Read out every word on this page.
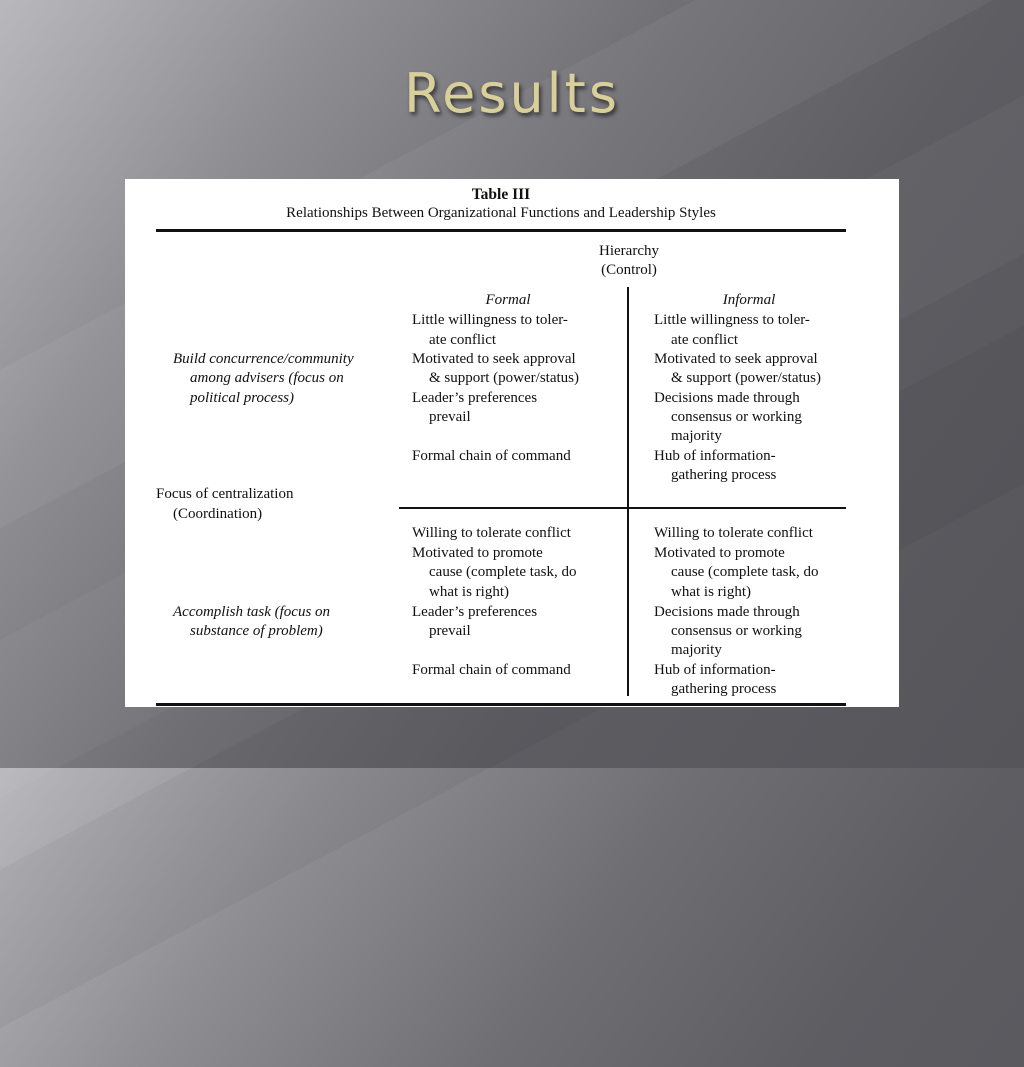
Results
Table III
Relationships Between Organizational Functions and Leadership Styles
Hierarchy
(Control)
Formal	Informal
Focus of centralization
(Coordination)
Build concurrence/community
among advisers (focus on
political process)
Little willingness to toler-
ate conflict
Motivated to seek approval
& support (power/status)
Leader’s preferences
prevail
Formal chain of command
Little willingness to toler-
ate conflict
Motivated to seek approval
& support (power/status)
Decisions made through
consensus or working
majority
Hub of information-
gathering process
Accomplish task (focus on
substance of problem)
Willing to tolerate conflict
Motivated to promote
cause (complete task, do
what is right)
Leader’s preferences
prevail
Formal chain of command
Willing to tolerate conflict
Motivated to promote
cause (complete task, do
what is right)
Decisions made through
consensus or working
majority
Hub of information-
gathering process
